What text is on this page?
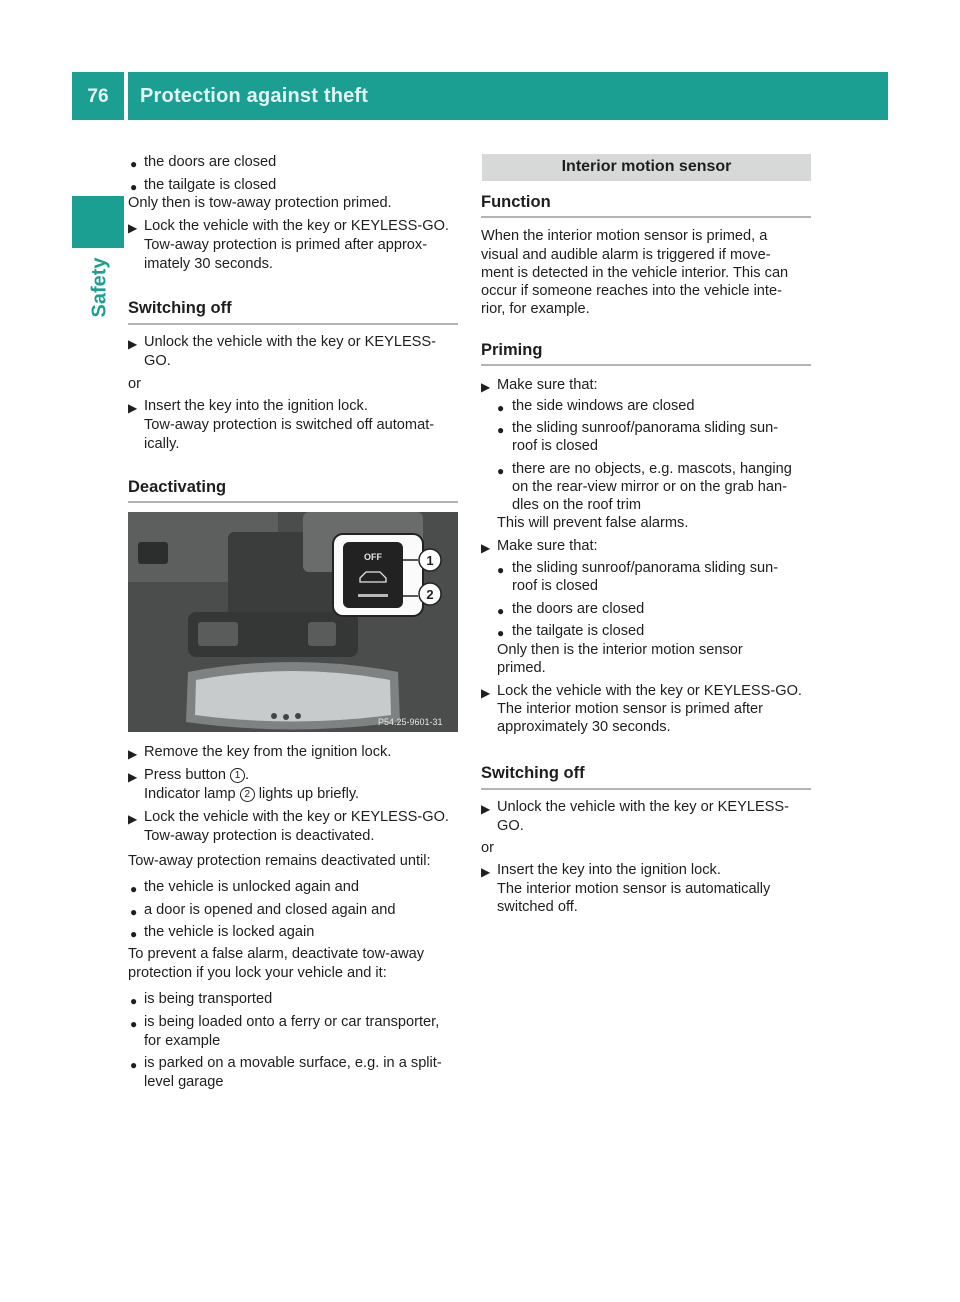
76	Protection against theft
Safety
● the doors are closed
● the tailgate is closed
Only then is tow-away protection primed.
▶ Lock the vehicle with the key or KEYLESS-GO.
Tow-away protection is primed after approx-
imately 30 seconds.
Switching off
▶ Unlock the vehicle with the key or KEYLESS-
GO.
or
▶ Insert the key into the ignition lock.
Tow-away protection is switched off automat-
ically.
Deactivating
OFF	1
2
P54.25-9601-31
▶ Remove the key from the ignition lock.
▶ Press button 1 .
Indicator lamp 2 lights up briefly.
▶ Lock the vehicle with the key or KEYLESS-GO.
Tow-away protection is deactivated.
Tow-away protection remains deactivated until:
● the vehicle is unlocked again and
● a door is opened and closed again and
● the vehicle is locked again
To prevent a false alarm, deactivate tow-away
protection if you lock your vehicle and it:
● is being transported
● is being loaded onto a ferry or car transporter,
for example
● is parked on a movable surface, e.g. in a split-
level garage
Interior motion sensor
Function
When the interior motion sensor is primed, a
visual and audible alarm is triggered if move-
ment is detected in the vehicle interior. This can
occur if someone reaches into the vehicle inte-
rior, for example.
Priming
▶ Make sure that:
● the side windows are closed
● the sliding sunroof/panorama sliding sun-
roof is closed
● there are no objects, e.g. mascots, hanging
on the rear-view mirror or on the grab han-
dles on the roof trim
This will prevent false alarms.
▶ Make sure that:
● the sliding sunroof/panorama sliding sun-
roof is closed
● the doors are closed
● the tailgate is closed
Only then is the interior motion sensor
primed.
▶ Lock the vehicle with the key or KEYLESS-GO.
The interior motion sensor is primed after
approximately 30 seconds.
Switching off
▶ Unlock the vehicle with the key or KEYLESS-
GO.
or
▶ Insert the key into the ignition lock.
The interior motion sensor is automatically
switched off.
